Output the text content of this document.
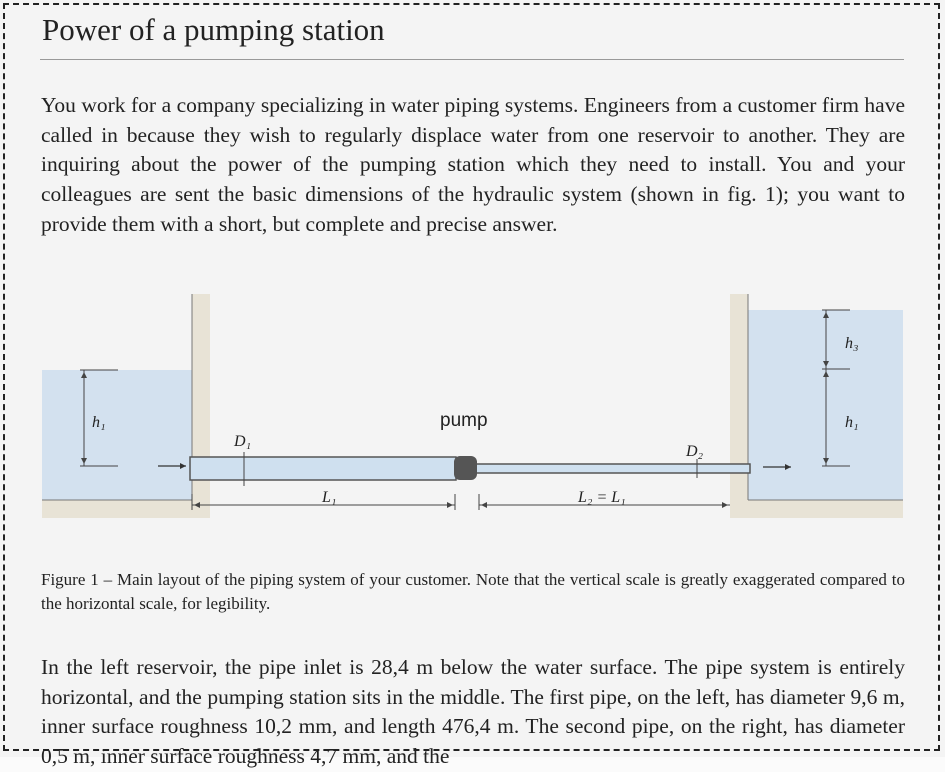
Power of a pumping station

You work for a company specializing in water piping systems. Engineers from a customer firm have called in because they wish to regularly displace water from one reservoir to another. They are inquiring about the power of the pumping station which they need to install. You and your colleagues are sent the basic dimensions of the hydraulic system (shown in fig. 1); you want to provide them with a short, but complete and precise answer.

h₁
D₁
pump
D₂
h₃
h₁
L₁	L₂ = L₁

Figure 1 – Main layout of the piping system of your customer. Note that the vertical scale is greatly exaggerated compared to the horizontal scale, for legibility.

In the left reservoir, the pipe inlet is 28,4 m below the water surface. The pipe system is entirely horizontal, and the pumping station sits in the middle. The first pipe, on the left, has diameter 9,6 m, inner surface roughness 10,2 mm, and length 476,4 m. The second pipe, on the right, has diameter 0,5 m, inner surface roughness 4,7 mm, and the
